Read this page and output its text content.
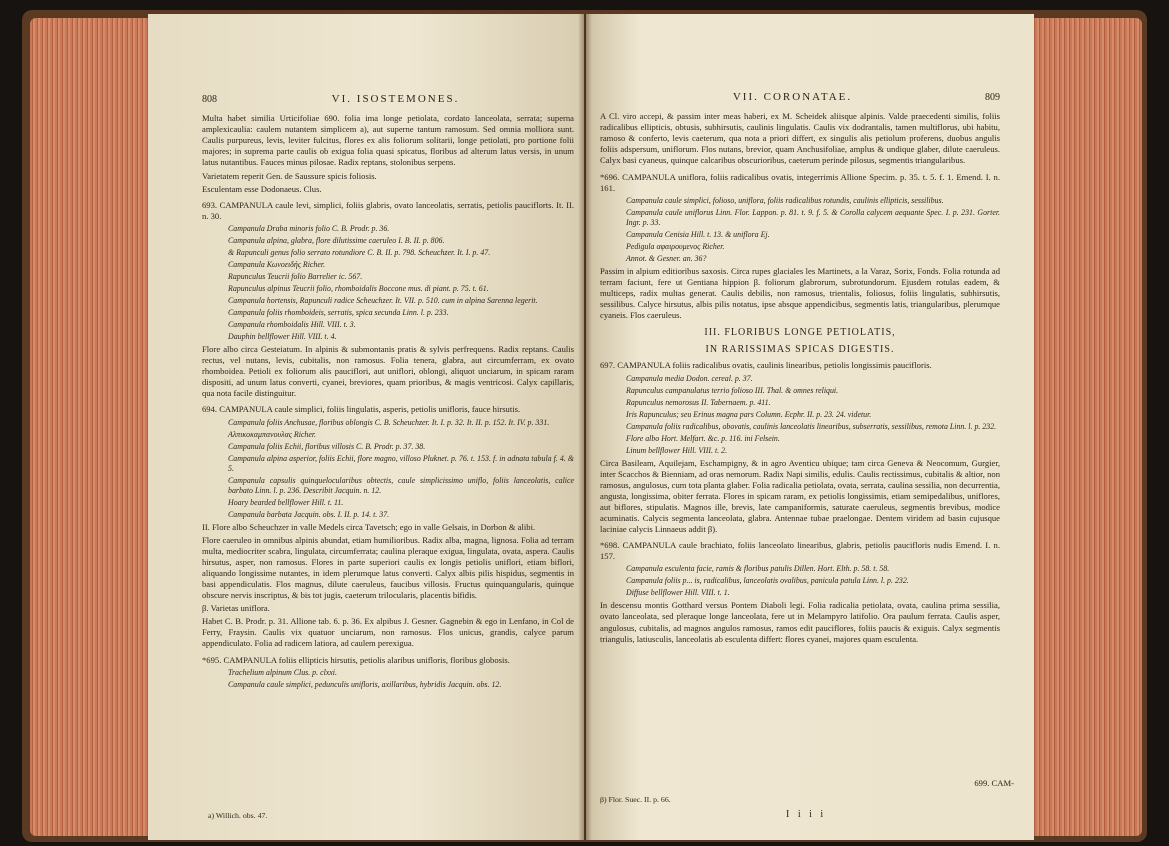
808	VI. ISOSTEMONES.

Multa habet similia Urticifoliae 690. folia ima longe petiolata, cordato lanceolata, serrata; superna amplexicaulia: caulem nutantem simplicem a), aut superne tantum ramosum. Sed omnia molliora sunt. Caulis purpureus, levis, leviter fulcitus, flores ex alis foliorum solitarii, longe petiolati, pro portione folii majores; in suprema parte caulis ob exigua folia quasi spicatus, floribus ad alterum latus versis, in unum latus nutantibus. Fauces minus pilosae. Radix reptans, stolonibus serpens.

Varietatem reperit Gen. de Saussure spicis foliosis.

Esculentam esse Dodonaeus. Clus.

693. CAMPANULA caule levi, simplici, foliis glabris, ovato lanceolatis, serratis, petiolis pauciflorts. It. II. n. 30.

Campanula Draba minoris folio C. B. Prodr. p. 36.

Campanula alpina, glabra, flore dilutissime caeruleo I. B. II. p. 806.

& Rapunculi genus folio serrato rotundiore C. B. II. p. 798. Scheuchzer. It. I. p. 47.

Campanula Κωνοειδής Richer.

Rapunculus Teucrii folio Barrelier ic. 567.

Rapunculus alpinus Teucrii folio, rhomboidalis Boccone mus. di piant. p. 75. t. 61.

Campanula hortensis, Rapunculi radice Scheuchzer. It. VII. p. 510. cum in alpina Sarenna legerit.

Campanula foliis rhomboideis, serratis, spica secunda Linn. l. p. 233.

Campanula rhomboidalis Hill. VIII. t. 3.

Dauphin bellflower Hill. VIII. t. 4.

Flore albo circa Gesteiatum. In alpinis & submontanis pratis & sylvis perfrequens. Radix reptans. Caulis rectus, vel nutans, levis, cubitalis, non ramosus. Folia tenera, glabra, aut circumferram, ex ovato rhomboidea. Petioli ex foliorum alis pauciflori, aut uniflori, oblongi, aliquot unciarum, in spicam raram dispositi, ad unum latus converti, cyanei, breviores, quam prioribus, & magis ventricosi. Calyx capillaris, qua nota facile distinguitur.

694. CAMPANULA caule simplici, foliis lingulatis, asperis, petiolis unifloris, fauce hirsutis.

Campanula foliis Anchusae, floribus oblongis C. B. Scheuchzer. It. I. p. 32. It. II. p. 152. It. IV. p. 331.

Αλπικοκαμπανουλας Richer.

Campanula foliis Echii, floribus villosis C. B. Prodr. p. 37. 38.

Campanula alpina asperior, foliis Echii, flore magno, villoso Pluknet. p. 76. t. 153. f. in adnata tabula f. 4. & 5.

Campanula capsulis quinquelocularibus obtectis, caule simplicissimo uniflo, foliis lanceolatis, calice barbato Linn. l. p. 236. Describit Jacquin. n. 12.

Hoary bearded bellflower Hill. t. 11.

Campanula barbata Jacquin. obs. I. II. p. 14. t. 37.

II. Flore albo Scheuchzer in valle Medels circa Tavetsch; ego in valle Gelsais, in Dorbon & alibi.

Flore caeruleo in omnibus alpinis abundat, etiam humilioribus. Radix alba, magna, lignosa. Folia ad terram multa, mediocriter scabra, lingulata, circumferrata; caulina pleraque exigua, lingulata, ovata, aspera. Caulis hirsutus, asper, non ramosus. Flores in parte superiori caulis ex longis petiolis uniflori, etiam biflori, aliquando longissime nutantes, in idem plerumque latus converti. Calyx albis pilis hispidus, segmentis in basi appendiculatis. Flos magnus, dilute caeruleus, faucibus villosis. Fructus quinquangularis, quinque obscure nervis inscriptus, & bis tot jugis, caeterum trilocularis, placentis bifidis.

β. Varietas uniflora.

Habet C. B. Prodr. p. 31. Allione tab. 6. p. 36. Ex alpibus J. Gesner. Gagnebin & ego in Lenfano, in Col de Ferry, Fraysin. Caulis vix quatuor unciarum, non ramosus. Flos unicus, grandis, calyce parum appendiculato. Folia ad radicem latiora, ad caulem perexigua.

*695. CAMPANULA foliis ellipticis hirsutis, petiolis alaribus unifloris, floribus globosis.

Trachelium alpinum Clus. p. clxxi.

Campanula caule simplici, pedunculis unifloris, axillaribus, hybridis Jacquin. obs. 12.

a) Willich. obs. 47.
VII. CORONATAE.	809

A Cl. viro accepi, & passim inter meas haberi, ex M. Scheidek aliisque alpinis. Valde praecedenti similis, foliis radicalibus ellipticis, obtusis, subhirsutis, caulinis lingulatis. Caulis vix dodrantalis, tamen multiflorus, ubi habitu, ramoso & conferto, levis caeterum, qua nota a priori differt, ex singulis alis petiolum proferens, duobus angulis foliis adspersum, uniflorum. Flos nutans, brevior, quam Anchusifoliae, amplus & undique glaber, dilute caeruleus. Calyx basi cyaneus, quinque calcaribus obscurioribus, caeterum perinde pilosus, segmentis triangularibus.

*696. CAMPANULA uniflora, foliis radicalibus ovatis, integerrimis Allione Specim. p. 35. t. 5. f. 1. Emend. I. n. 161.

Campanula caule simplici, folioso, uniflora, foliis radicalibus rotundis, caulinis ellipticis, sessilibus.

Campanula caule uniflorus Linn. Flor. Lappon. p. 81. t. 9. f. 5. & Corolla calycem aequante Spec. I. p. 231. Gorter. Ingr. p. 33.

Campanula Cenisia Hill. t. 13. & uniflora Ej.

Pedigula αφαιρουμενος Richer.

Annot. & Gesner. an. 36?

Passim in alpium editioribus saxosis. Circa rupes glaciales les Martinets, a la Varaz, Sorix, Fonds. Folia rotunda ad terram faciunt, fere ut Gentiana hippion β. foliorum glabrorum, subrotundorum. Ejusdem rotulas eadem, & multiceps, radix multas generat. Caulis debilis, non ramosus, trientalis, foliosus, foliis lingulatis, subhirsutis, sessilibus. Calyce hirsutus, albis pilis notatus, ipse absque appendicibus, segmentis latis, triangularibus, plerumque cyaneis. Flos caeruleus.

III. FLORIBUS LONGE PETIOLATIS,

IN RARISSIMAS SPICAS DIGESTIS.

697. CAMPANULA foliis radicalibus ovatis, caulinis linearibus, petiolis longissimis paucifloris.

Campanula media Dodon. cereal. p. 37.

Rapunculus campanulatus terrio folioso III. Thal. & omnes reliqui.

Rapunculus nemorosus II. Tabernaem. p. 411.

Iris Rapunculus; seu Erinus magna pars Column. Ecphr. II. p. 23. 24. videtur.

Campanula foliis radicalibus, obovatis, caulinis lanceolatis linearibus, subserratis, sessilibus, remota Linn. l. p. 232.

Flore albo Hort. Melfart. &c. p. 116. ini Felsein.

Linum bellflower Hill. VIII. t. 2.

Circa Basileam, Aquilejam, Eschampigny, & in agro Aventicu ubique; tam circa Geneva & Neocomum, Gurgier, inter Scacchos & Bienniam, ad oras nemorum. Radix Napi similis, edulis. Caulis rectissimus, cubitalis & altior, non ramosus, angulosus, cum tota planta glaber. Folia radicalia petiolata, ovata, serrata, caulina sessilia, non decurrentia, angusta, longissima, obiter ferrata. Flores in spicam raram, ex petiolis longissimis, etiam semipedalibus, uniflores, aut biflores, stipulatis. Magnos ille, brevis, late campaniformis, saturate caeruleus, segmentis brevibus, modice acuminatis. Calycis segmenta lanceolata, glabra. Antennae tubae praelongae. Dentem viridem ad basin cujusque laciniae calycis Linnaeus addit β).

*698. CAMPANULA caule brachiato, foliis lanceolato linearibus, glabris, petiolis paucifloris nudis Emend. I. n. 157.

Campanula esculenta facie, ramis & floribus patulis Dillen. Hort. Elth. p. 58. t. 58.

Campanula foliis p... is, radicalibus, lanceolatis ovalibus, panicula patula Linn. l. p. 232.

Diffuse bellflower Hill. VIII. t. 1.

In descensu montis Gotthard versus Pontem Diaboli legi. Folia radicalia petiolata, ovata, caulina prima sessilia, ovato lanceolata, sed pleraque longe lanceolata, fere ut in Melampyro latifolio. Ora paulum ferrata. Caulis asper, angulosus, cubitalis, ad magnos angulos ramosus, ramos edit pauciflores, foliis paucis & exiguis. Calyx segmentis triangulis, latiusculis, lanceolatis ab esculenta differt: flores cyanei, majores quam esculenta.

699. CAM-
β) Flor. Suec. II. p. 66.
I i i i
